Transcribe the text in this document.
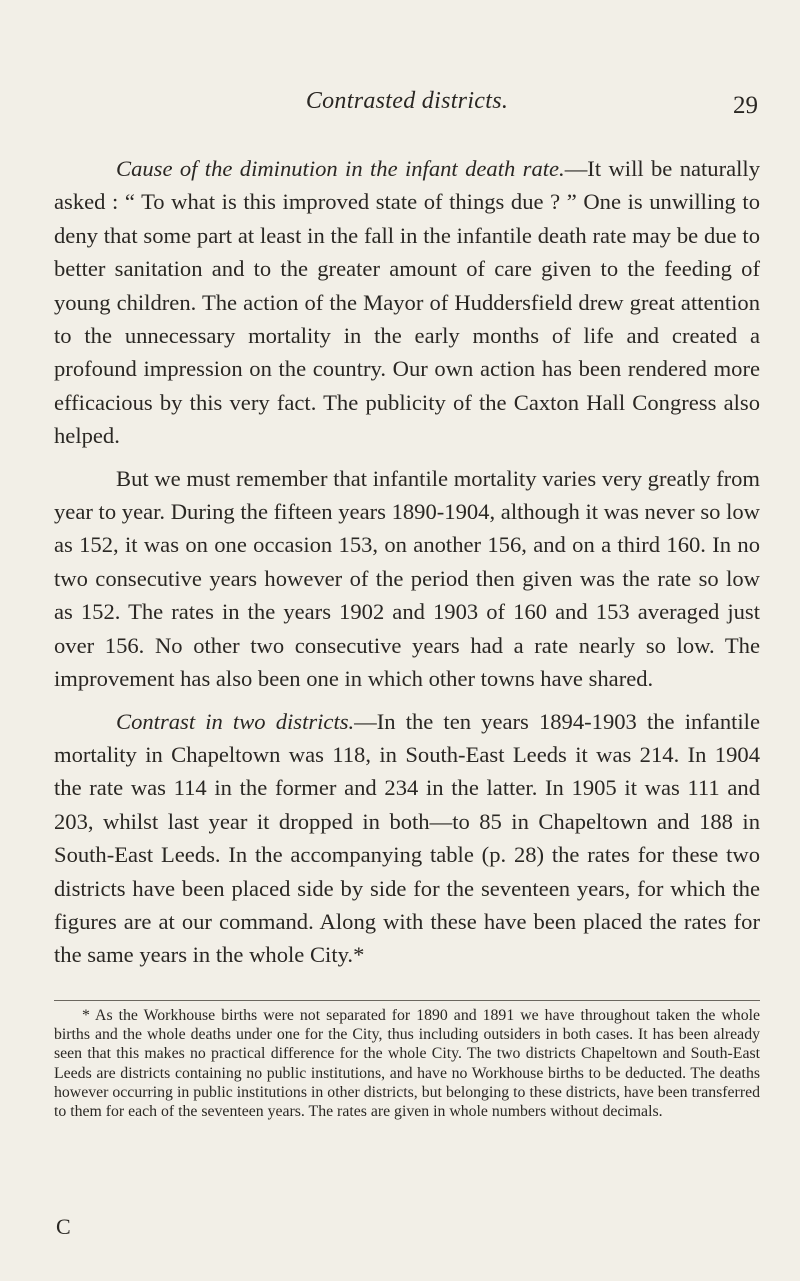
Contrasted districts.	29

Cause of the diminution in the infant death rate.—It will be naturally asked : “ To what is this improved state of things due ? ” One is unwilling to deny that some part at least in the fall in the infantile death rate may be due to better sanitation and to the greater amount of care given to the feeding of young children. The action of the Mayor of Huddersfield drew great attention to the unnecessary mortality in the early months of life and created a profound impression on the country. Our own action has been rendered more efficacious by this very fact. The publicity of the Caxton Hall Congress also helped.

But we must remember that infantile mortality varies very greatly from year to year. During the fifteen years 1890-1904, although it was never so low as 152, it was on one occasion 153, on another 156, and on a third 160. In no two consecutive years however of the period then given was the rate so low as 152. The rates in the years 1902 and 1903 of 160 and 153 averaged just over 156. No other two consecutive years had a rate nearly so low. The improvement has also been one in which other towns have shared.

Contrast in two districts.—In the ten years 1894-1903 the infantile mortality in Chapeltown was 118, in South-East Leeds it was 214. In 1904 the rate was 114 in the former and 234 in the latter. In 1905 it was 111 and 203, whilst last year it dropped in both—to 85 in Chapeltown and 188 in South-East Leeds. In the accompanying table (p. 28) the rates for these two districts have been placed side by side for the seventeen years, for which the figures are at our command. Along with these have been placed the rates for the same years in the whole City.*

* As the Workhouse births were not separated for 1890 and 1891 we have throughout taken the whole births and the whole deaths under one for the City, thus including outsiders in both cases. It has been already seen that this makes no practical difference for the whole City. The two districts Chapeltown and South-East Leeds are districts containing no public institutions, and have no Workhouse births to be deducted. The deaths however occurring in public institutions in other districts, but belonging to these districts, have been transferred to them for each of the seventeen years. The rates are given in whole numbers without decimals.

C
